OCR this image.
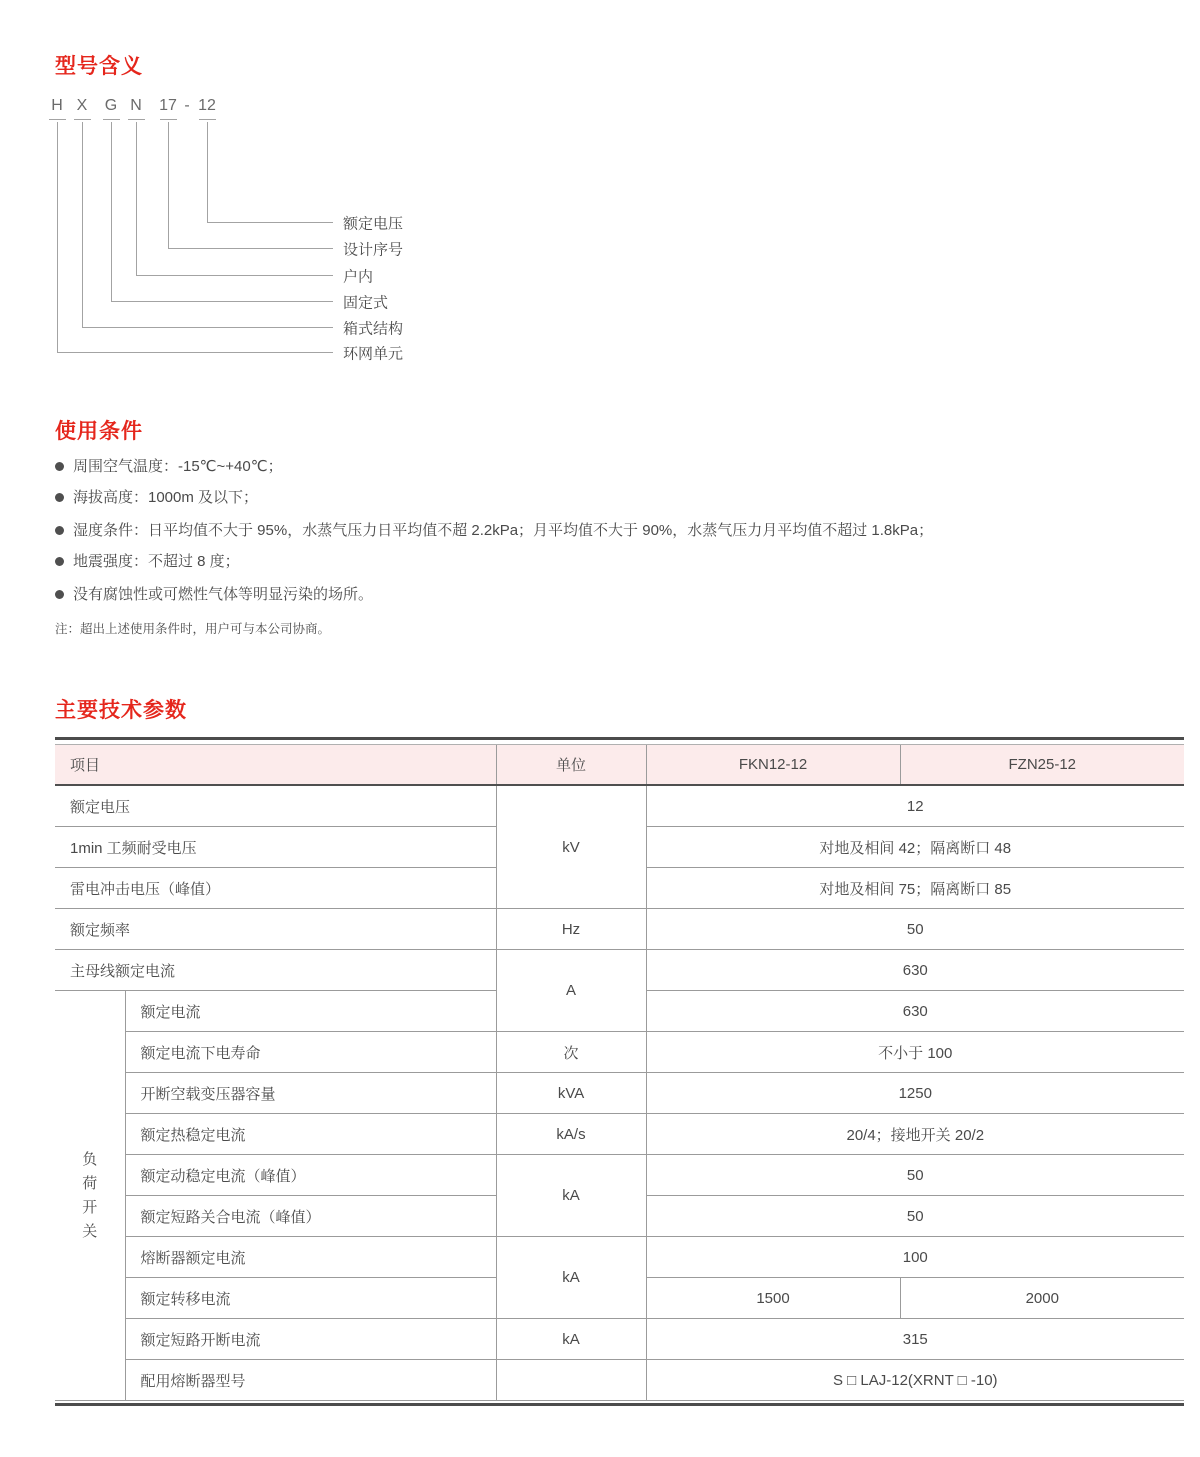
型号含义
H X G N 17 - 12
额定电压
设计序号
户内
固定式
箱式结构
环网单元
使用条件
周围空气温度：-15℃~+40℃；
海拔高度：1000m 及以下；
湿度条件：日平均值不大于 95%，水蒸气压力日平均值不超 2.2kPa；月平均值不大于 90%，水蒸气压力月平均值不超过 1.8kPa；
地震强度：不超过 8 度；
没有腐蚀性或可燃性气体等明显污染的场所。
注：超出上述使用条件时，用户可与本公司协商。
主要技术参数
项目		单位	FKN12-12	FZN25-12
额定电压		kV	12	
1min 工频耐受电压			对地及相间 42；隔离断口 48	
雷电冲击电压（峰值）			对地及相间 75；隔离断口 85	
额定频率		Hz	50	
主母线额定电流		A	630	

负荷开关	额定电流		630	
	额定电流下电寿命	次	不小于 100	
	开断空载变压器容量	kVA	1250	
	额定热稳定电流	kA/s	20/4；接地开关 20/2	
	额定动稳定电流（峰值）	kA	50	
	额定短路关合电流（峰值）		50	
	熔断器额定电流	kA	100	
	额定转移电流		1500	2000
	额定短路开断电流	kA	315	
	配用熔断器型号		S □ LAJ-12(XRNT □ -10)	
